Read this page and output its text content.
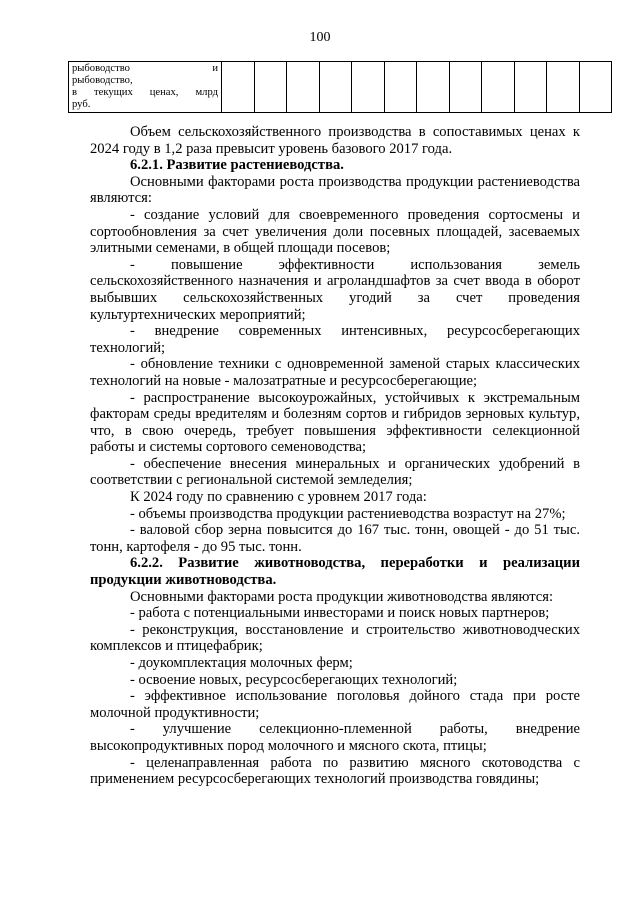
100
рыбоводство и
рыбоводство,
в текущих ценах, млрд
руб.

Объем сельскохозяйственного производства в сопоставимых ценах к 2024 году в 1,2 раза превысит уровень базового 2017 года.

6.2.1. Развитие растениеводства.

Основными факторами роста производства продукции растениеводства являются:

- создание условий для своевременного проведения сортосмены и сортообновления за счет увеличения доли посевных площадей, засеваемых элитными семенами, в общей площади посевов;

- повышение эффективности использования земель сельскохозяйственного назначения и агроландшафтов за счет ввода в оборот выбывших сельскохозяйственных угодий за счет проведения культуртехнических мероприятий;

- внедрение современных интенсивных, ресурсосберегающих технологий;

- обновление техники с одновременной заменой старых классических технологий на новые - малозатратные и ресурсосберегающие;

- распространение высокоурожайных, устойчивых к экстремальным факторам среды вредителям и болезням сортов и гибридов зерновых культур, что, в свою очередь, требует повышения эффективности селекционной работы и системы сортового семеноводства;

- обеспечение внесения минеральных и органических удобрений в соответствии с региональной системой земледелия;

К 2024 году по сравнению с уровнем 2017 года:

- объемы производства продукции растениеводства возрастут на 27%;

- валовой сбор зерна повысится до 167 тыс. тонн, овощей - до 51 тыс. тонн, картофеля - до 95 тыс. тонн.

6.2.2. Развитие животноводства, переработки и реализации продукции животноводства.

Основными факторами роста продукции животноводства являются:

- работа с потенциальными инвесторами и поиск новых партнеров;

- реконструкция, восстановление и строительство животноводческих комплексов и птицефабрик;

- доукомплектация молочных ферм;

- освоение новых, ресурсосберегающих технологий;

- эффективное использование поголовья дойного стада при росте молочной продуктивности;

- улучшение селекционно-племенной работы, внедрение высокопродуктивных пород молочного и мясного скота, птицы;

- целенаправленная работа по развитию мясного скотоводства с применением ресурсосберегающих технологий производства говядины;
